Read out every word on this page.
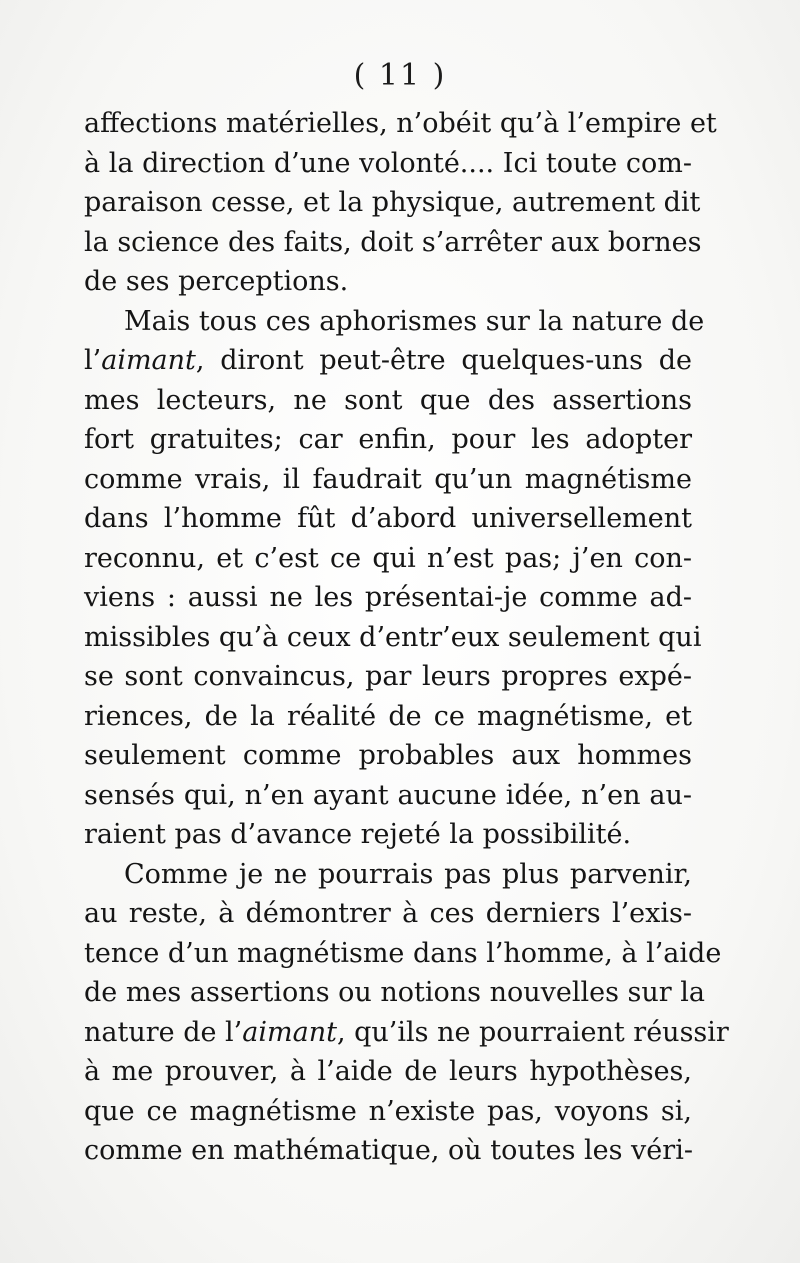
( 11 )
affections matérielles, n’obéit qu’à l’empire et
à la direction d’une volonté.... Ici toute com-
paraison cesse, et la physique, autrement dit
la science des faits, doit s’arrêter aux bornes
de ses perceptions.
Mais tous ces aphorismes sur la nature de
l’aimant, diront peut-être quelques-uns de
mes lecteurs, ne sont que des assertions
fort gratuites; car enfin, pour les adopter
comme vrais, il faudrait qu’un magnétisme
dans l’homme fût d’abord universellement
reconnu, et c’est ce qui n’est pas; j’en con-
viens : aussi ne les présentai-je comme ad-
missibles qu’à ceux d’entr’eux seulement qui
se sont convaincus, par leurs propres expé-
riences, de la réalité de ce magnétisme, et
seulement comme probables aux hommes
sensés qui, n’en ayant aucune idée, n’en au-
raient pas d’avance rejeté la possibilité.
Comme je ne pourrais pas plus parvenir,
au reste, à démontrer à ces derniers l’exis-
tence d’un magnétisme dans l’homme, à l’aide
de mes assertions ou notions nouvelles sur la
nature de l’aimant, qu’ils ne pourraient réussir
à me prouver, à l’aide de leurs hypothèses,
que ce magnétisme n’existe pas, voyons si,
comme en mathématique, où toutes les véri-
